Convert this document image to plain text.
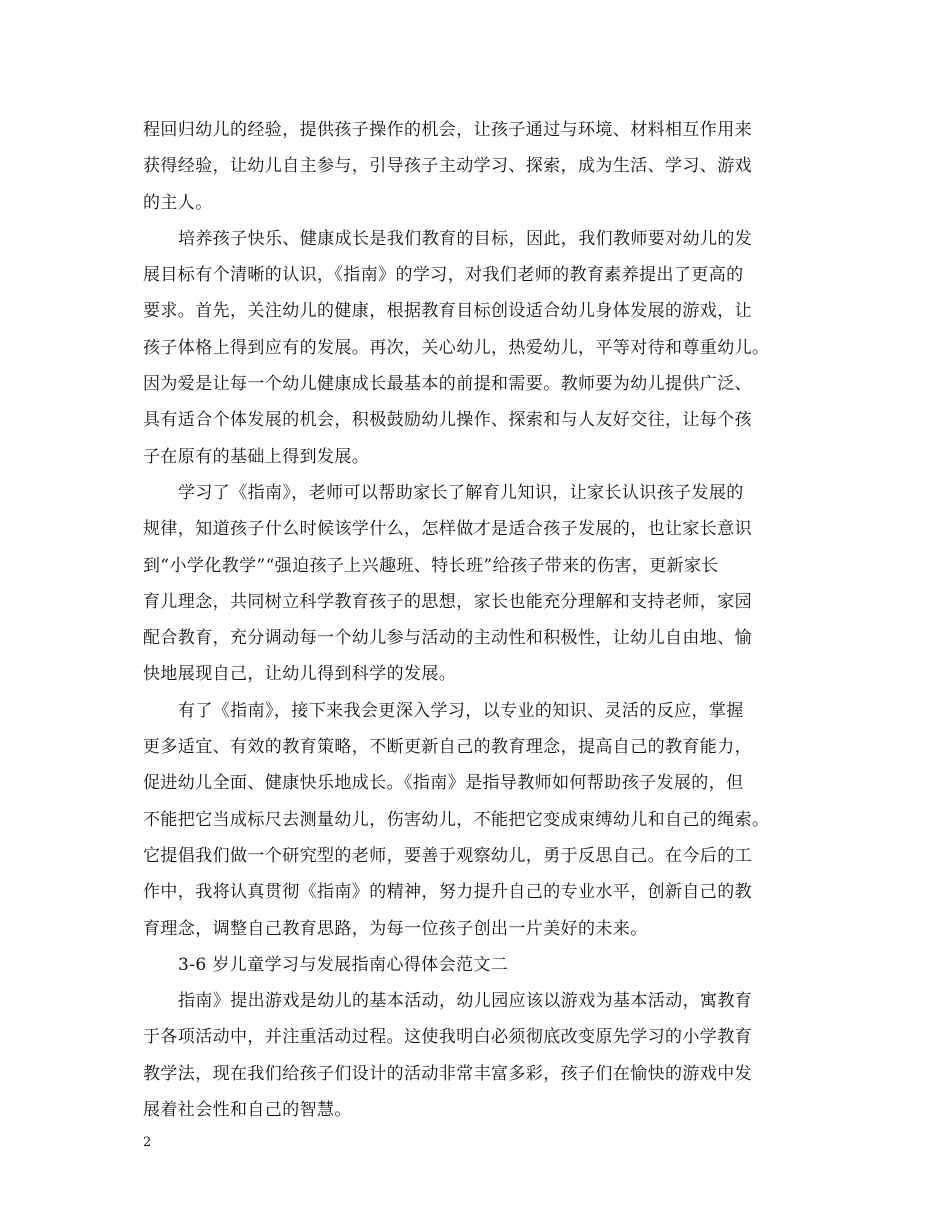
程回归幼儿的经验，提供孩子操作的机会，让孩子通过与环境、材料相互作用来
获得经验，让幼儿自主参与，引导孩子主动学习、探索，成为生活、学习、游戏
的主人。
培养孩子快乐、健康成长是我们教育的目标，因此，我们教师要对幼儿的发
展目标有个清晰的认识，《指南》的学习，对我们老师的教育素养提出了更高的
要求。首先，关注幼儿的健康，根据教育目标创设适合幼儿身体发展的游戏，让
孩子体格上得到应有的发展。再次，关心幼儿，热爱幼儿，平等对待和尊重幼儿。
因为爱是让每一个幼儿健康成长最基本的前提和需要。教师要为幼儿提供广泛、
具有适合个体发展的机会，积极鼓励幼儿操作、探索和与人友好交往，让每个孩
子在原有的基础上得到发展。
学习了《指南》，老师可以帮助家长了解育儿知识，让家长认识孩子发展的
规律，知道孩子什么时候该学什么，怎样做才是适合孩子发展的，也让家长意识
到“小学化教学”“强迫孩子上兴趣班、特长班”给孩子带来的伤害，更新家长
育儿理念，共同树立科学教育孩子的思想，家长也能充分理解和支持老师，家园
配合教育，充分调动每一个幼儿参与活动的主动性和积极性，让幼儿自由地、愉
快地展现自己，让幼儿得到科学的发展。
有了《指南》，接下来我会更深入学习，以专业的知识、灵活的反应，掌握
更多适宜、有效的教育策略，不断更新自己的教育理念，提高自己的教育能力，
促进幼儿全面、健康快乐地成长。《指南》是指导教师如何帮助孩子发展的，但
不能把它当成标尺去测量幼儿，伤害幼儿，不能把它变成束缚幼儿和自己的绳索。
它提倡我们做一个研究型的老师，要善于观察幼儿，勇于反思自己。在今后的工
作中，我将认真贯彻《指南》的精神，努力提升自己的专业水平，创新自己的教
育理念，调整自己教育思路，为每一位孩子创出一片美好的未来。
3-6 岁儿童学习与发展指南心得体会范文二
指南》提出游戏是幼儿的基本活动，幼儿园应该以游戏为基本活动，寓教育
于各项活动中，并注重活动过程。这使我明白必须彻底改变原先学习的小学教育
教学法，现在我们给孩子们设计的活动非常丰富多彩，孩子们在愉快的游戏中发
展着社会性和自己的智慧。
2
